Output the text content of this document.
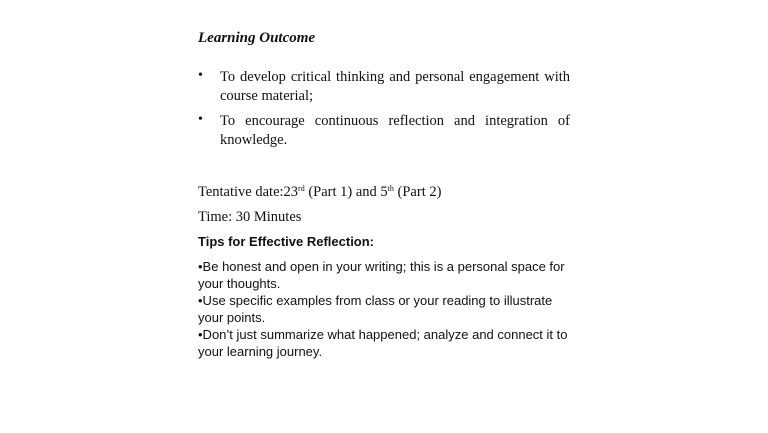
Learning Outcome
• To develop critical thinking and personal engagement with course material;
• To encourage continuous reflection and integration of knowledge.

Tentative date:23rd (Part 1) and 5th (Part 2)

Time: 30 Minutes

Tips for Effective Reflection:

•Be honest and open in your writing; this is a personal space for your thoughts.
•Use specific examples from class or your reading to illustrate your points.
•Don’t just summarize what happened; analyze and connect it to your learning journey.
